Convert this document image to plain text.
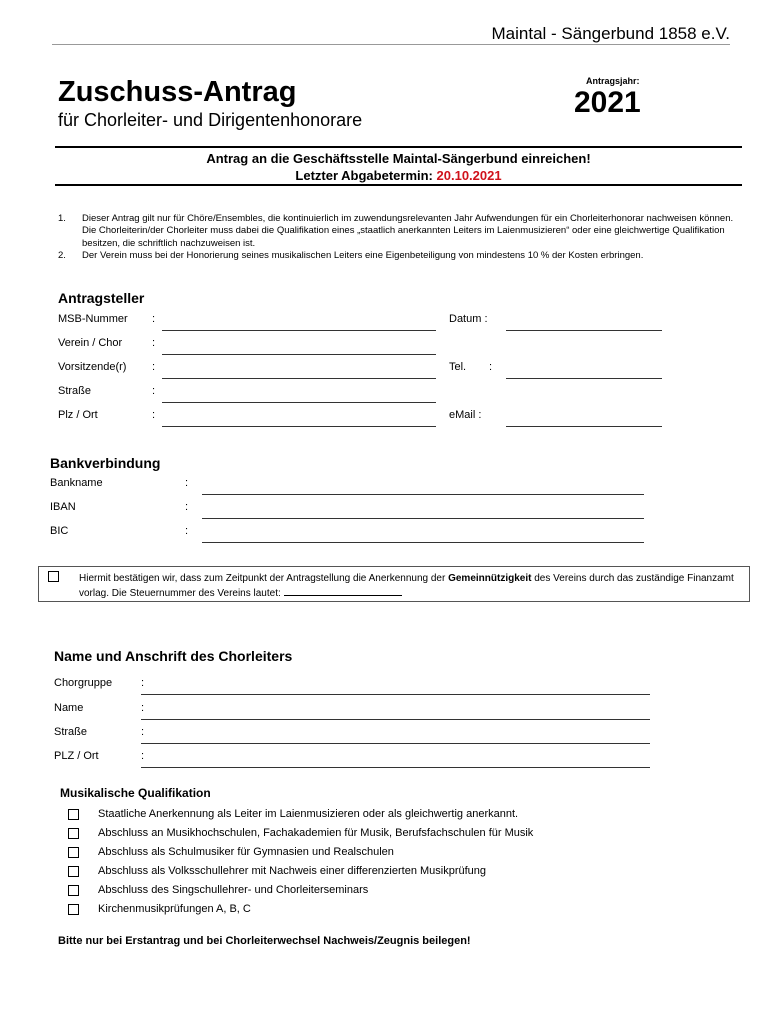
Maintal - Sängerbund 1858 e.V.
Zuschuss-Antrag
für Chorleiter- und Dirigentenhonorare
Antragsjahr:
2021
Antrag an die Geschäftsstelle Maintal-Sängerbund einreichen!
Letzter Abgabetermin: 20.10.2021
1.	Dieser Antrag gilt nur für Chöre/Ensembles, die kontinuierlich im zuwendungsrelevanten Jahr Aufwendungen für ein Chorleiterhonorar nachweisen können. Die Chorleiterin/der Chorleiter muss dabei die Qualifikation eines „staatlich anerkannten Leiters im Laienmusizieren“ oder eine gleichwertige Qualifikation besitzen, die schriftlich nachzuweisen ist.
2.	Der Verein muss bei der Honorierung seines musikalischen Leiters eine Eigenbeteiligung von mindestens 10 % der Kosten erbringen.
Antragsteller
MSB-Nummer :
Verein / Chor	:
Vorsitzende(r) :
Straße	:
Plz / Ort	:
Datum :
Tel. :
eMail :
Bankverbindung
Bankname	:
IBAN	:
BIC	:
Hiermit bestätigen wir, dass zum Zeitpunkt der Antragstellung die Anerkennung der Gemeinnützigkeit des Vereins durch das zuständige Finanzamt vorlag. Die Steuernummer des Vereins lautet:
Name und Anschrift des Chorleiters
Chorgruppe	:
Name	:
Straße	:
PLZ / Ort	:
Musikalische Qualifikation
Staatliche Anerkennung als Leiter im Laienmusizieren oder als gleichwertig anerkannt.
Abschluss an Musikhochschulen, Fachakademien für Musik, Berufsfachschulen für Musik
Abschluss als Schulmusiker für Gymnasien und Realschulen
Abschluss als Volksschullehrer mit Nachweis einer differenzierten Musikprüfung
Abschluss des Singschullehrer- und Chorleiterseminars
Kirchenmusikprüfungen A, B, C
Bitte nur bei Erstantrag und bei Chorleiterwechsel Nachweis/Zeugnis beilegen!
